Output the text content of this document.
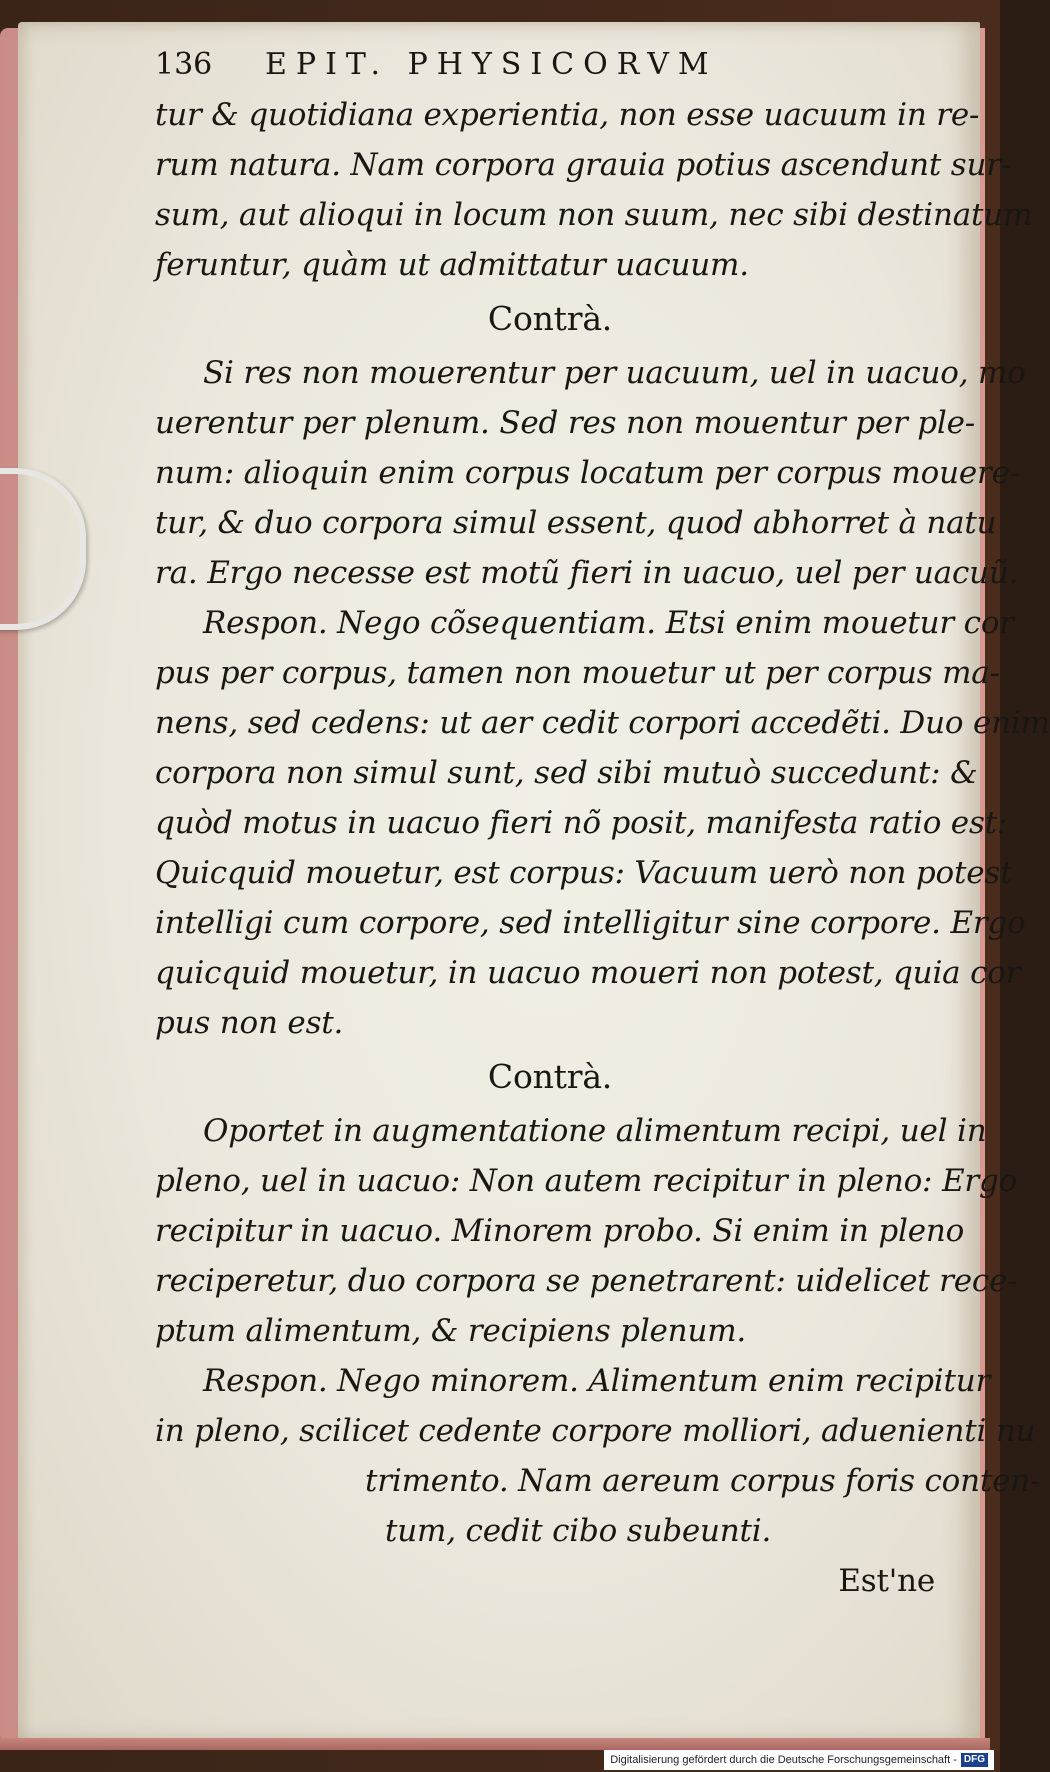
136 EPIT. PHYSICORVM
tur & quotidiana experientia, non esse uacuum in re-
rum natura. Nam corpora grauia potius ascendunt sur-
sum, aut alioqui in locum non suum, nec sibi destinatum
feruntur, quàm ut admittatur uacuum.
Contrà.
Si res non mouerentur per uacuum, uel in uacuo, mo
uerentur per plenum. Sed res non mouentur per ple-
num: alioquin enim corpus locatum per corpus mouere-
tur, & duo corpora simul essent, quod abhorret à natu
ra. Ergo necesse est motũ fieri in uacuo, uel per uacuũ.
Respon. Nego cõsequentiam. Etsi enim mouetur cor
pus per corpus, tamen non mouetur ut per corpus ma-
nens, sed cedens: ut aer cedit corpori accedẽti. Duo enim
corpora non simul sunt, sed sibi mutuò succedunt: &
quòd motus in uacuo fieri nõ posit, manifesta ratio est:
Quicquid mouetur, est corpus: Vacuum uerò non potest
intelligi cum corpore, sed intelligitur sine corpore. Ergo
quicquid mouetur, in uacuo moueri non potest, quia cor
pus non est.
Contrà.
Oportet in augmentatione alimentum recipi, uel in
pleno, uel in uacuo: Non autem recipitur in pleno: Ergo
recipitur in uacuo. Minorem probo. Si enim in pleno
reciperetur, duo corpora se penetrarent: uidelicet rece-
ptum alimentum, & recipiens plenum.
Respon. Nego minorem. Alimentum enim recipitur
in pleno, scilicet cedente corpore molliori, aduenienti nu
trimento. Nam aereum corpus foris conten-
tum, cedit cibo subeunti.
Est'ne
Digitalisierung gefördert durch die Deutsche Forschungsgemeinschaft - DFG
